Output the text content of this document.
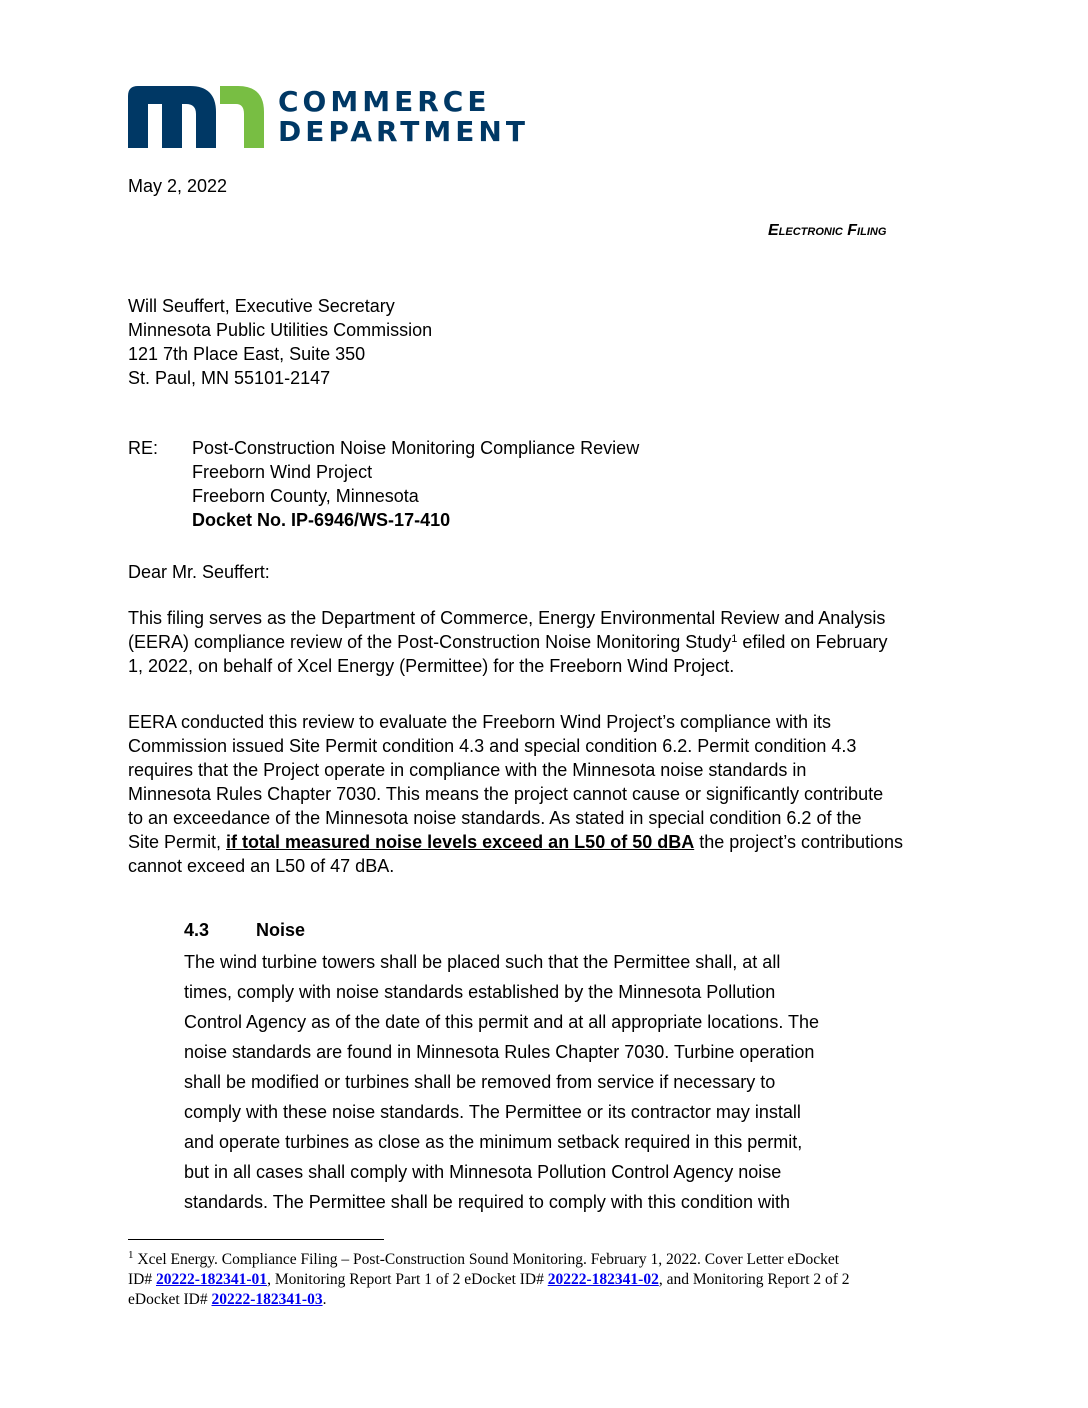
COMMERCE
DEPARTMENT
May 2, 2022
Electronic Filing
Will Seuffert, Executive Secretary
Minnesota Public Utilities Commission
121 7th Place East, Suite 350
St. Paul, MN 55101-2147
RE:	Post-Construction Noise Monitoring Compliance Review
Freeborn Wind Project
Freeborn County, Minnesota
Docket No. IP-6946/WS-17-410
Dear Mr. Seuffert:
This filing serves as the Department of Commerce, Energy Environmental Review and Analysis
(EERA) compliance review of the Post-Construction Noise Monitoring Study$^1$ efiled on February
1, 2022, on behalf of Xcel Energy (Permittee) for the Freeborn Wind Project.
EERA conducted this review to evaluate the Freeborn Wind Project’s compliance with its
Commission issued Site Permit condition 4.3 and special condition 6.2. Permit condition 4.3
requires that the Project operate in compliance with the Minnesota noise standards in
Minnesota Rules Chapter 7030. This means the project cannot cause or significantly contribute
to an exceedance of the Minnesota noise standards. As stated in special condition 6.2 of the
Site Permit, if total measured noise levels exceed an L50 of 50 dBA the project’s contributions
cannot exceed an L50 of 47 dBA.
4.3	Noise
The wind turbine towers shall be placed such that the Permittee shall, at all
times, comply with noise standards established by the Minnesota Pollution
Control Agency as of the date of this permit and at all appropriate locations. The
noise standards are found in Minnesota Rules Chapter 7030. Turbine operation
shall be modified or turbines shall be removed from service if necessary to
comply with these noise standards. The Permittee or its contractor may install
and operate turbines as close as the minimum setback required in this permit,
but in all cases shall comply with Minnesota Pollution Control Agency noise
standards. The Permittee shall be required to comply with this condition with
$^1$ Xcel Energy. Compliance Filing – Post-Construction Sound Monitoring. February 1, 2022. Cover Letter eDocket
ID# 20222-182341-01, Monitoring Report Part 1 of 2 eDocket ID# 20222-182341-02, and Monitoring Report 2 of 2
eDocket ID# 20222-182341-03.
